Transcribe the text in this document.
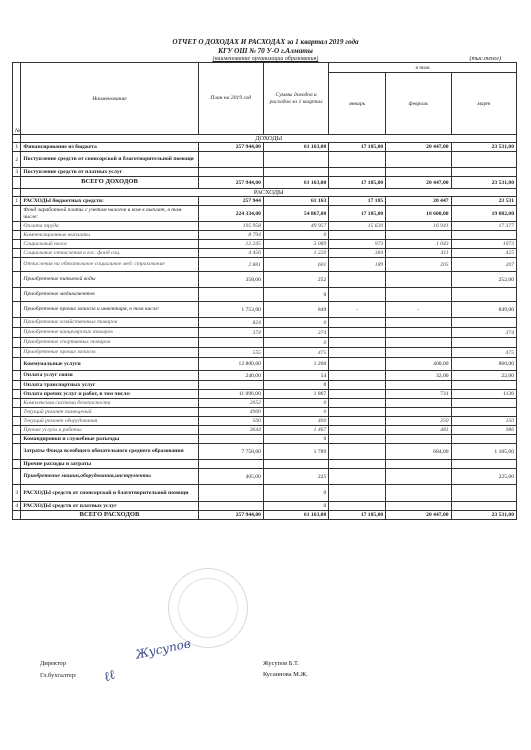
ОТЧЕТ О ДОХОДАХ И РАСХОДАХ за 1 квартал 2019 года
КГУ ОШ № 70 У-О г.Алматы
(наименование организации образования)	(тыс.тенге)
№	Наименование	План на 2019 год	Суммы доходов и расходов за 1 квартал	в том		
				январь	февраль	март
	ДОХОДЫ					
1	Финансирование из бюджета	257 944,00	61 163,00	17 185,00	20 447,00	23 531,00
2	Поступление средств от спонсорской и благотворительной помощи					
3	Поступление средств от платных услуг					
	ВСЕГО ДОХОДОВ	257 944,00	61 163,00	17 185,00	20 447,00	23 531,00
	РАСХОДЫ					
1	РАСХОДЫ бюджетных средств:	257 944	61 163	17 185	20 447	23 531
	Фонд заработной платы с учетом налогов и ком-х выплат, в том числе:	224 334,00	54 867,00	17 185,00	18 600,00	19 082,00
	Оплата труда	195 958	49 957	15 639	16 941	17 377
	Компенсационные выплаты	8 794	0			
	Социальный налог	12 245	3 089	973	1 043	1073
	Социальные отчисления в гос. фонд соц.	4 456	1 220	384	411	425
	Отчисления на обязательное социальное мед. страхование	2 881	601	189	205	207
	Приобретение питьевой воды	358,00	252			252,00
	Приобретение медикаментов		0			
	Приобретение прочих запасов и инвентаря, в том числе:	1 753,00	849	-	-	849,00
	Приобретение хозяйственных товаров	824	0			
	Приобретение канцелярских товаров	374	374			374
	Приобретение спортивных товаров		0			
	Приобретение прочих запасов	555	475			475
	Коммунальные услуги	12 800,00	1 260		400,00	860,00
	Оплата услуг связи	240,00	54		32,00	22,00
	Оплата транспортных услуг		0			
	Оплата прочих услуг и работ, в том числе:	11 096,00	1 867		731	1136
	Комплексная система безопасности	2052	0			
	Текущий ремонт помещений	4900	0			
	Текущий ремонт оборудования	500	400		250	150
	Прочие услуги и работы	3644	1 467		481	986
	Командировки и служебные разъезды		0			
	Затраты Фонда всеобщего обязательного среднего образования	7 758,00	1 789		684,00	1 105,00
	Прочие расходы и затраты					
	Приобретение машин,оборудования,инструменты	405,00	225			225,00
3	РАСХОДЫ средств от спонсорской и благотворительной помощи		0			
4	РАСХОДЫ средств от платных услуг		0			
	ВСЕГО РАСХОДОВ	257 944,00	61 163,00	17 185,00	20 447,00	23 531,00
Жусупов
ℓℓ
Директор
Гл.бухгалтер:
Жусупов Б.Т.
Кусаинова М.Ж.
